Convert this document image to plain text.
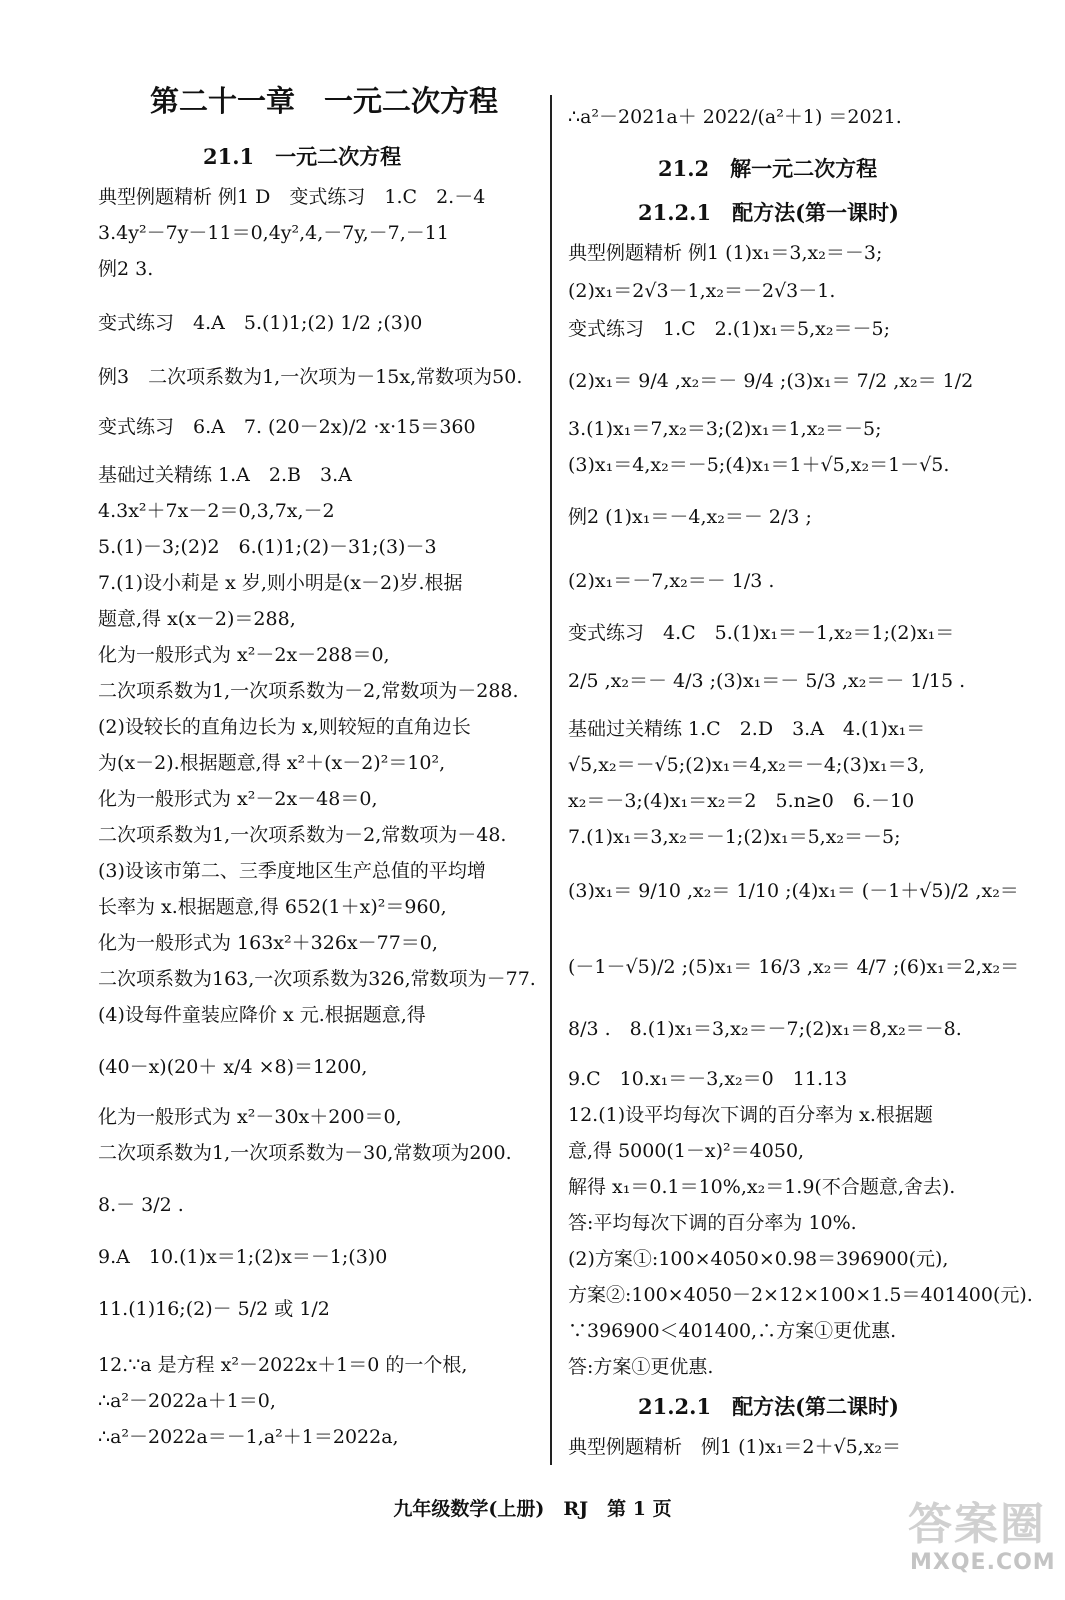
第二十一章　一元二次方程
21.1　一元二次方程
典型例题精析 例1 D　变式练习　1.C　2.－4
3.4y²－7y－11＝0,4y²,4,－7y,－7,－11
例2 3.
变式练习　4.A　5.(1)1;(2) 1/2 ;(3)0
例3　二次项系数为1,一次项为－15x,常数项为50.
变式练习　6.A　7. (20－2x)/2 ·x·15＝360
基础过关精练 1.A　2.B　3.A
4.3x²＋7x－2＝0,3,7x,－2
5.(1)－3;(2)2　6.(1)1;(2)－31;(3)－3
7.(1)设小莉是 x 岁,则小明是(x－2)岁.根据
题意,得 x(x－2)＝288,
化为一般形式为 x²－2x－288＝0,
二次项系数为1,一次项系数为－2,常数项为－288.
(2)设较长的直角边长为 x,则较短的直角边长
为(x－2).根据题意,得 x²＋(x－2)²＝10²,
化为一般形式为 x²－2x－48＝0,
二次项系数为1,一次项系数为－2,常数项为－48.
(3)设该市第二、三季度地区生产总值的平均增
长率为 x.根据题意,得 652(1＋x)²＝960,
化为一般形式为 163x²＋326x－77＝0,
二次项系数为163,一次项系数为326,常数项为－77.
(4)设每件童装应降价 x 元.根据题意,得
(40－x)(20＋ x/4 ×8)＝1200,
化为一般形式为 x²－30x＋200＝0,
二次项系数为1,一次项系数为－30,常数项为200.
8.－ 3/2 .
9.A　10.(1)x＝1;(2)x＝－1;(3)0
11.(1)16;(2)－ 5/2 或 1/2
12.∵a 是方程 x²－2022x＋1＝0 的一个根,
∴a²－2022a＋1＝0,
∴a²－2022a＝－1,a²＋1＝2022a,
∴a²－2021a＋ 2022/(a²＋1) ＝2021.
21.2　解一元二次方程
21.2.1　配方法(第一课时)
典型例题精析 例1 (1)x₁＝3,x₂＝－3;
(2)x₁＝2√3－1,x₂＝－2√3－1.
变式练习　1.C　2.(1)x₁＝5,x₂＝－5;
(2)x₁＝ 9/4 ,x₂＝－ 9/4 ;(3)x₁＝ 7/2 ,x₂＝ 1/2
3.(1)x₁＝7,x₂＝3;(2)x₁＝1,x₂＝－5;
(3)x₁＝4,x₂＝－5;(4)x₁＝1＋√5,x₂＝1－√5.
例2 (1)x₁＝－4,x₂＝－ 2/3 ;
(2)x₁＝－7,x₂＝－ 1/3 .
变式练习　4.C　5.(1)x₁＝－1,x₂＝1;(2)x₁＝
2/5 ,x₂＝－ 4/3 ;(3)x₁＝－ 5/3 ,x₂＝－ 1/15 .
基础过关精练 1.C　2.D　3.A　4.(1)x₁＝
√5,x₂＝－√5;(2)x₁＝4,x₂＝－4;(3)x₁＝3,
x₂＝－3;(4)x₁＝x₂＝2　5.n≥0　6.－10
7.(1)x₁＝3,x₂＝－1;(2)x₁＝5,x₂＝－5;
(3)x₁＝ 9/10 ,x₂＝ 1/10 ;(4)x₁＝ (－1＋√5)/2 ,x₂＝
(－1－√5)/2 ;(5)x₁＝ 16/3 ,x₂＝ 4/7 ;(6)x₁＝2,x₂＝
8/3 .　8.(1)x₁＝3,x₂＝－7;(2)x₁＝8,x₂＝－8.
9.C　10.x₁＝－3,x₂＝0　11.13
12.(1)设平均每次下调的百分率为 x.根据题
意,得 5000(1－x)²＝4050,
解得 x₁＝0.1＝10%,x₂＝1.9(不合题意,舍去).
答:平均每次下调的百分率为 10%.
(2)方案①:100×4050×0.98＝396900(元),
方案②:100×4050－2×12×100×1.5＝401400(元).
∵396900＜401400,∴方案①更优惠.
答:方案①更优惠.
21.2.1　配方法(第二课时)
典型例题精析　例1 (1)x₁＝2＋√5,x₂＝
九年级数学(上册)　RJ　第 1 页	答案圈
MXQE.COM
